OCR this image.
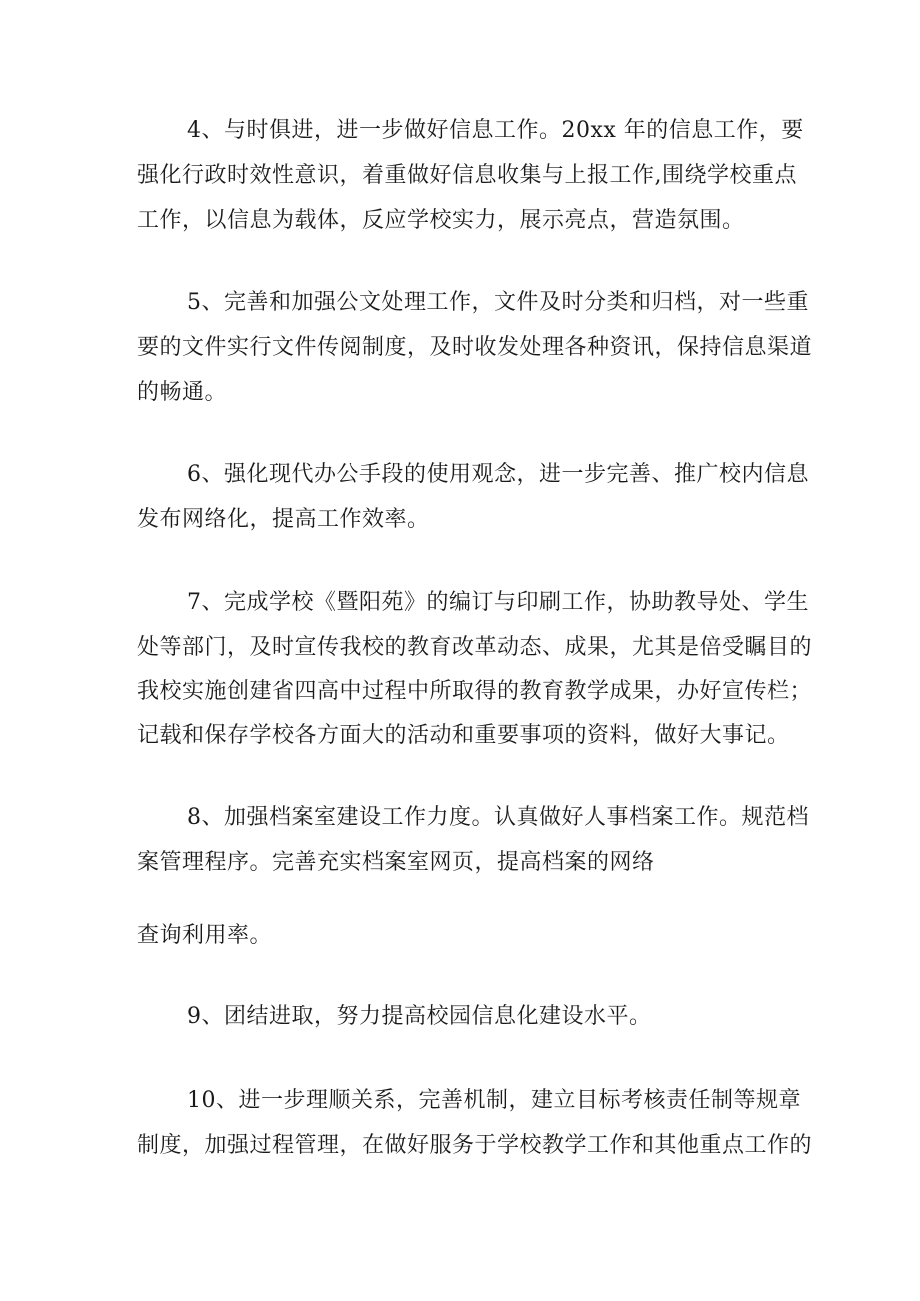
4、与时俱进，进一步做好信息工作。20xx 年的信息工作，要
强化行政时效性意识，着重做好信息收集与上报工作,围绕学校重点
工作，以信息为载体，反应学校实力，展示亮点，营造氛围。
5、完善和加强公文处理工作，文件及时分类和归档，对一些重
要的文件实行文件传阅制度，及时收发处理各种资讯，保持信息渠道
的畅通。
6、强化现代办公手段的使用观念，进一步完善、推广校内信息
发布网络化，提高工作效率。
7、完成学校《暨阳苑》的编订与印刷工作，协助教导处、学生
处等部门，及时宣传我校的教育改革动态、成果，尤其是倍受瞩目的
我校实施创建省四高中过程中所取得的教育教学成果，办好宣传栏；
记载和保存学校各方面大的活动和重要事项的资料，做好大事记。
8、加强档案室建设工作力度。认真做好人事档案工作。规范档
案管理程序。完善充实档案室网页，提高档案的网络
查询利用率。
9、团结进取，努力提高校园信息化建设水平。
10、进一步理顺关系，完善机制，建立目标考核责任制等规章
制度，加强过程管理，在做好服务于学校教学工作和其他重点工作的
